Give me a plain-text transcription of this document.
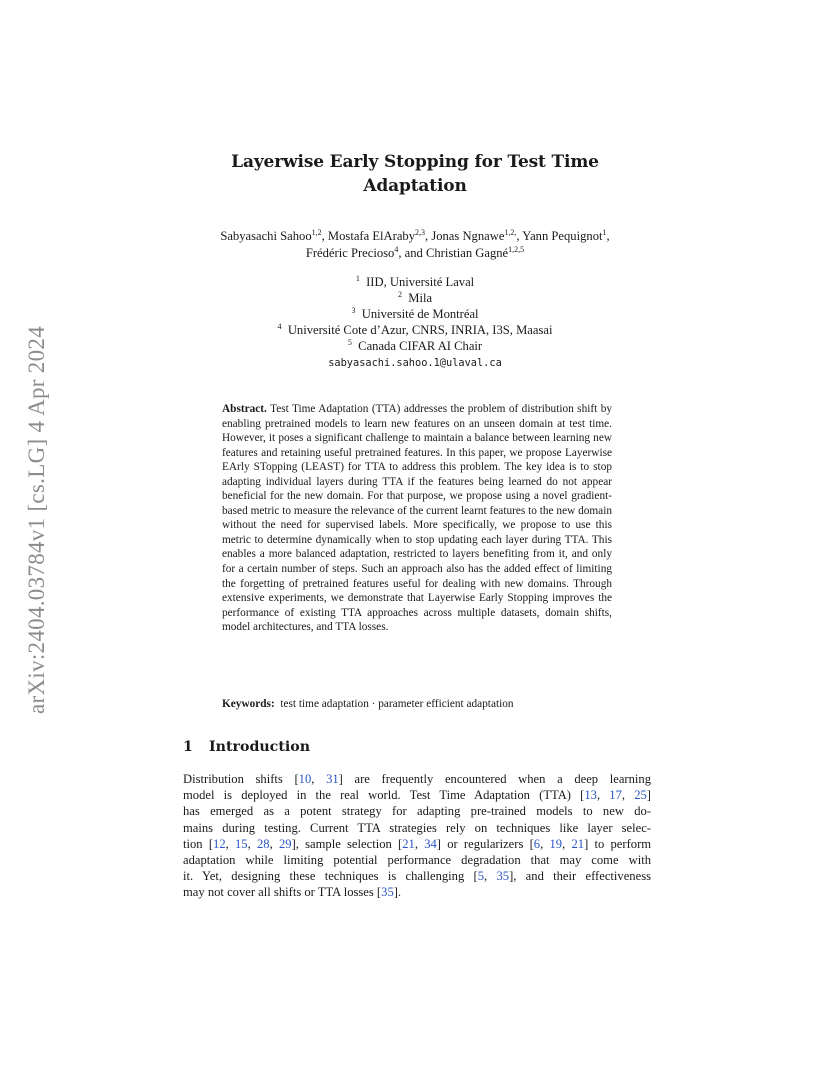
arXiv:2404.03784v1 [cs.LG] 4 Apr 2024
Layerwise Early Stopping for Test Time
Adaptation
Sabyasachi Sahoo$^{1,2}$, Mostafa ElAraby$^{2,3}$, Jonas Ngnawe$^{1,2,}$, Yann Pequignot$^1$,
Frédéric Precioso$^4$, and Christian Gagné$^{1,2,5}$
$^1$ IID, Université Laval
$^2$ Mila
$^3$ Université de Montréal
$^4$ Université Cote d’Azur, CNRS, INRIA, I3S, Maasai
$^5$ Canada CIFAR AI Chair
sabyasachi.sahoo.1@ulaval.ca
Abstract. Test Time Adaptation (TTA) addresses the problem of distribution shift by enabling pretrained models to learn new features on an unseen domain at test time. However, it poses a significant challenge to maintain a balance between learning new features and retaining useful pretrained features. In this paper, we propose Layerwise EArly STopping (LEAST) for TTA to address this problem. The key idea is to stop adapting individual layers during TTA if the features being learned do not appear beneficial for the new domain. For that purpose, we propose using a novel gradient-based metric to measure the relevance of the current learnt features to the new domain without the need for supervised labels. More specifically, we propose to use this metric to determine dynamically when to stop updating each layer during TTA. This enables a more balanced adaptation, restricted to layers benefiting from it, and only for a certain number of steps. Such an approach also has the added effect of limiting the forgetting of pretrained features useful for dealing with new domains. Through extensive experiments, we demonstrate that Layerwise Early Stopping improves the performance of existing TTA approaches across multiple datasets, domain shifts, model architectures, and TTA losses.
Keywords: test time adaptation · parameter efficient adaptation
1 Introduction
Distribution shifts [10, 31] are frequently encountered when a deep learning
model is deployed in the real world. Test Time Adaptation (TTA) [13, 17, 25]
has emerged as a potent strategy for adapting pre-trained models to new do-
mains during testing. Current TTA strategies rely on techniques like layer selec-
tion [12, 15, 28, 29], sample selection [21, 34] or regularizers [6, 19, 21] to perform
adaptation while limiting potential performance degradation that may come with
it. Yet, designing these techniques is challenging [5, 35], and their effectiveness
may not cover all shifts or TTA losses [35].
